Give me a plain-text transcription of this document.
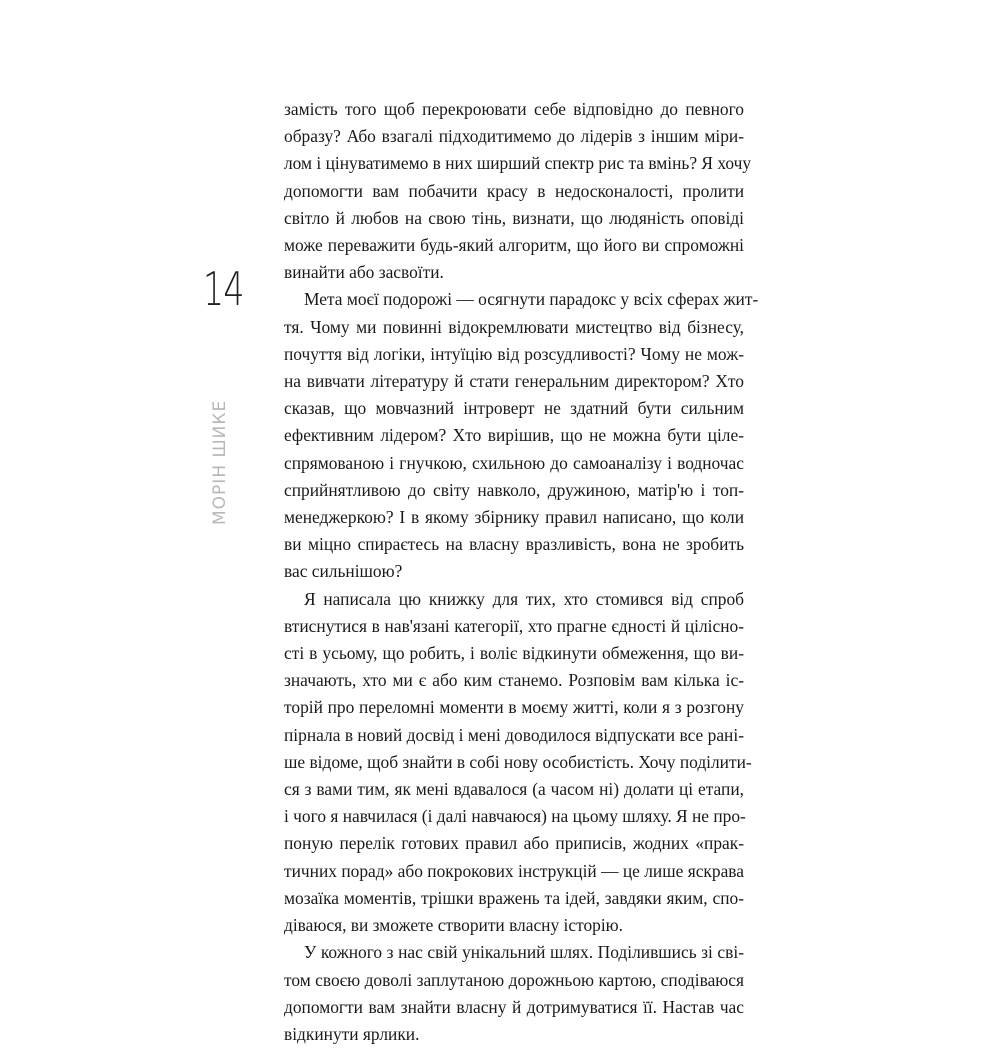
14
МОРІН ШИКЕ

замість того щоб перекроювати себе відповідно до певного
образу? Або взагалі підходитимемо до лідерів з іншим міри-
лом і цінуватимемо в них ширший спектр рис та вмінь? Я хочу
допомогти вам побачити красу в недосконалості, пролити
світло й любов на свою тінь, визнати, що людяність оповіді
може переважити будь-який алгоритм, що його ви спроможні
винайти або засвоїти.

Мета моєї подорожі — осягнути парадокс у всіх сферах жит-
тя. Чому ми повинні відокремлювати мистецтво від бізнесу,
почуття від логіки, інтуїцію від розсудливості? Чому не мож-
на вивчати літературу й стати генеральним директором? Хто
сказав, що мовчазний інтроверт не здатний бути сильним
ефективним лідером? Хто вирішив, що не можна бути ціле-
спрямованою і гнучкою, схильною до самоаналізу і водночас
сприйнятливою до світу навколо, дружиною, матір'ю і топ-
менеджеркою? І в якому збірнику правил написано, що коли
ви міцно спираєтесь на власну вразливість, вона не зробить
вас сильнішою?

Я написала цю книжку для тих, хто стомився від спроб
втиснутися в нав'язані категорії, хто прагне єдності й цілісно-
сті в усьому, що робить, і воліє відкинути обмеження, що ви-
значають, хто ми є або ким станемо. Розповім вам кілька іс-
торій про переломні моменти в моєму житті, коли я з розгону
пірнала в новий досвід і мені доводилося відпускати все рані-
ше відоме, щоб знайти в собі нову особистість. Хочу поділити-
ся з вами тим, як мені вдавалося (а часом ні) долати ці етапи,
і чого я навчилася (і далі навчаюся) на цьому шляху. Я не про-
поную перелік готових правил або приписів, жодних «прак-
тичних порад» або покрокових інструкцій — це лише яскрава
мозаїка моментів, трішки вражень та ідей, завдяки яким, спо-
діваюся, ви зможете створити власну історію.

У кожного з нас свій унікальний шлях. Поділившись зі сві-
том своєю доволі заплутаною дорожньою картою, сподіваюся
допомогти вам знайти власну й дотримуватися її. Настав час
відкинути ярлики.
